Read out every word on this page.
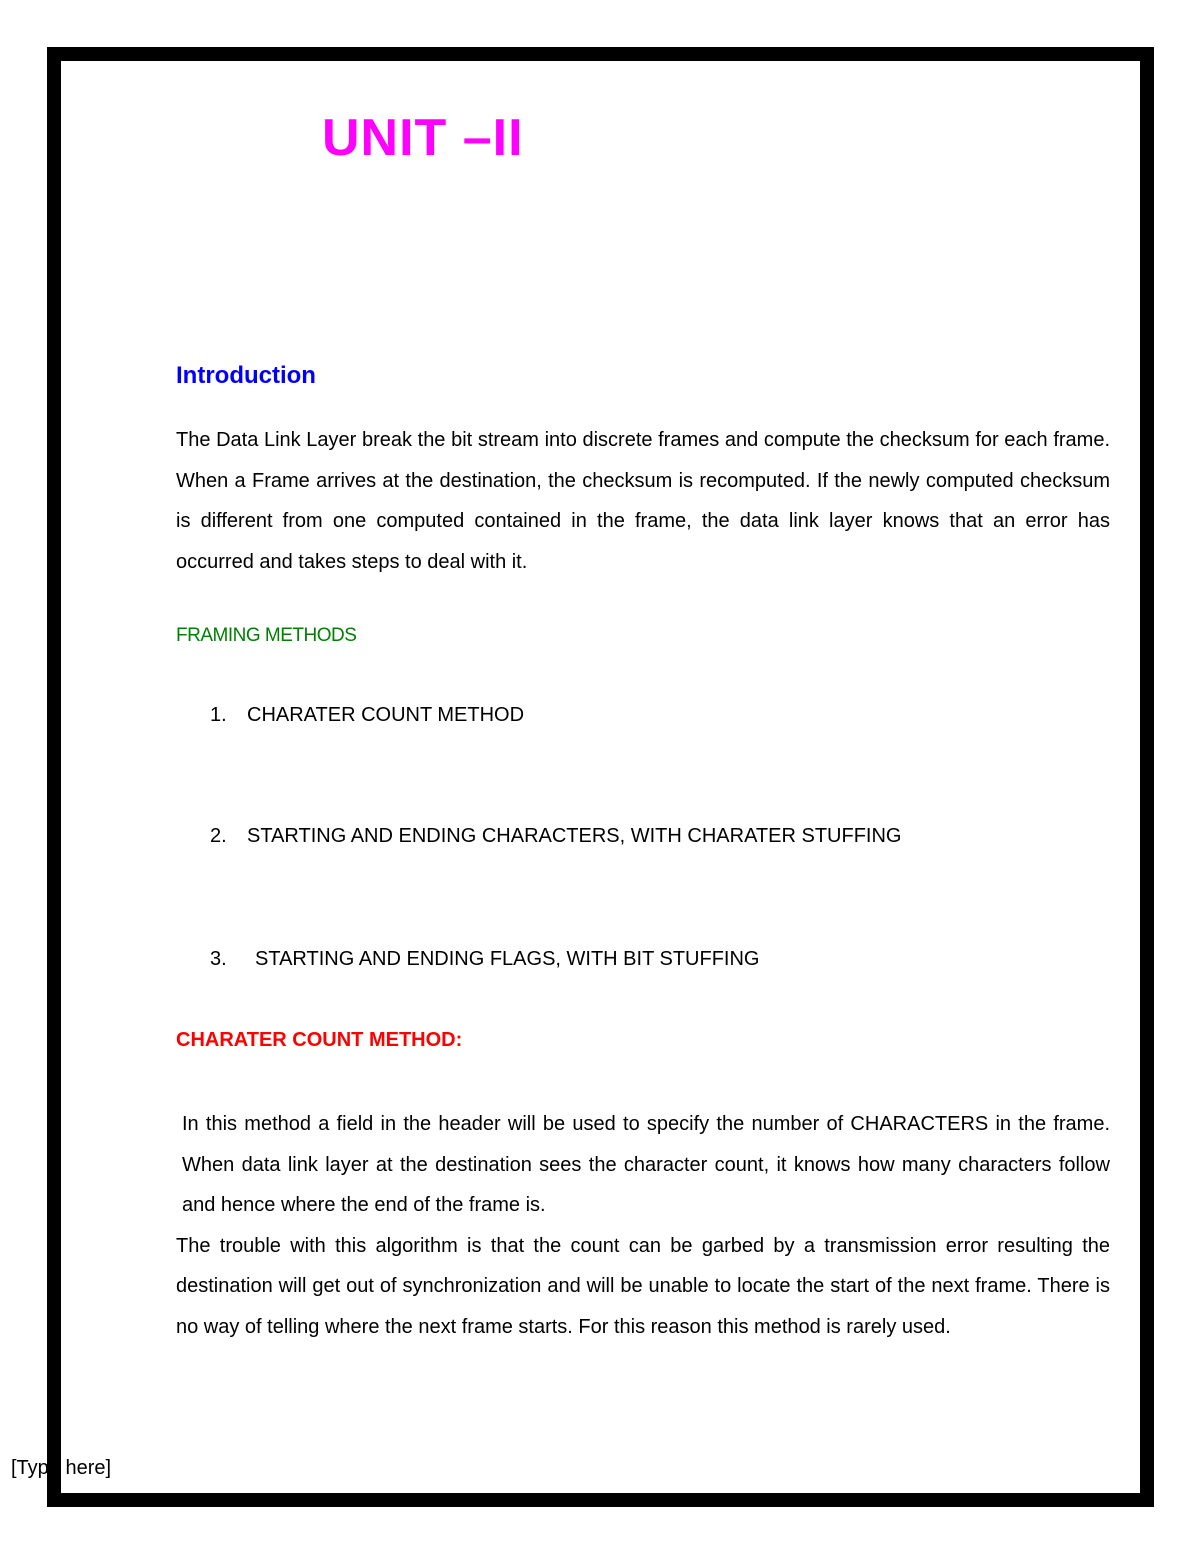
UNIT –II
Introduction
The Data Link Layer break the bit stream into discrete frames and compute the checksum for each frame. When a Frame arrives at the destination, the checksum is recomputed. If the newly computed checksum is different from one computed contained in the frame, the data link layer knows that an error has occurred and takes steps to deal with it.
FRAMING METHODS
1. CHARATER COUNT METHOD
2. STARTING AND ENDING CHARACTERS, WITH CHARATER STUFFING
3. STARTING AND ENDING FLAGS, WITH BIT STUFFING
CHARATER COUNT METHOD:

In this method a field in the header will be used to specify the number of CHARACTERS in the frame. When data link layer at the destination sees the character count, it knows how many characters follow and hence where the end of the frame is.

The trouble with this algorithm is that the count can be garbed by a transmission error resulting the destination will get out of synchronization and will be unable to locate the start of the next frame. There is no way of telling where the next frame starts. For this reason this method is rarely used.

[Type here]
